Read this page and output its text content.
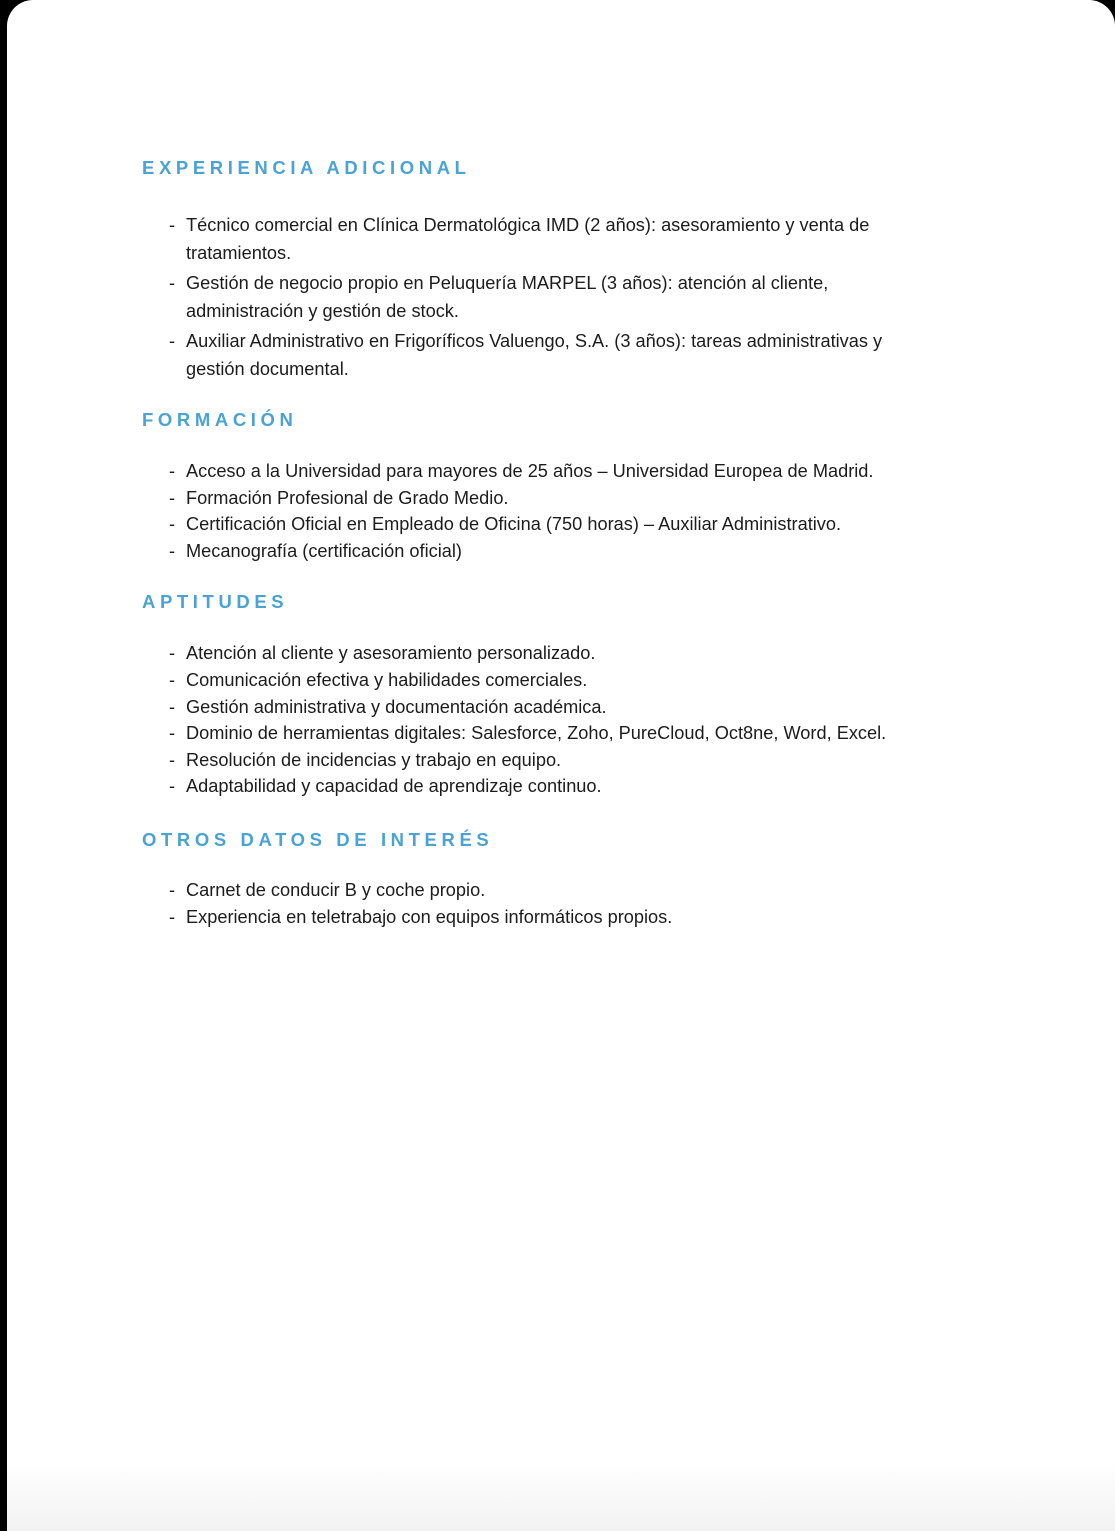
EXPERIENCIA ADICIONAL
- Técnico comercial en Clínica Dermatológica IMD (2 años): asesoramiento y venta de tratamientos.
- Gestión de negocio propio en Peluquería MARPEL (3 años): atención al cliente, administración y gestión de stock.
- Auxiliar Administrativo en Frigoríficos Valuengo, S.A. (3 años): tareas administrativas y gestión documental.
FORMACIÓN
- Acceso a la Universidad para mayores de 25 años – Universidad Europea de Madrid.
- Formación Profesional de Grado Medio.
- Certificación Oficial en Empleado de Oficina (750 horas) – Auxiliar Administrativo.
- Mecanografía (certificación oficial)
APTITUDES
- Atención al cliente y asesoramiento personalizado.
- Comunicación efectiva y habilidades comerciales.
- Gestión administrativa y documentación académica.
- Dominio de herramientas digitales: Salesforce, Zoho, PureCloud, Oct8ne, Word, Excel.
- Resolución de incidencias y trabajo en equipo.
- Adaptabilidad y capacidad de aprendizaje continuo.
OTROS DATOS DE INTERÉS
- Carnet de conducir B y coche propio.
- Experiencia en teletrabajo con equipos informáticos propios.
